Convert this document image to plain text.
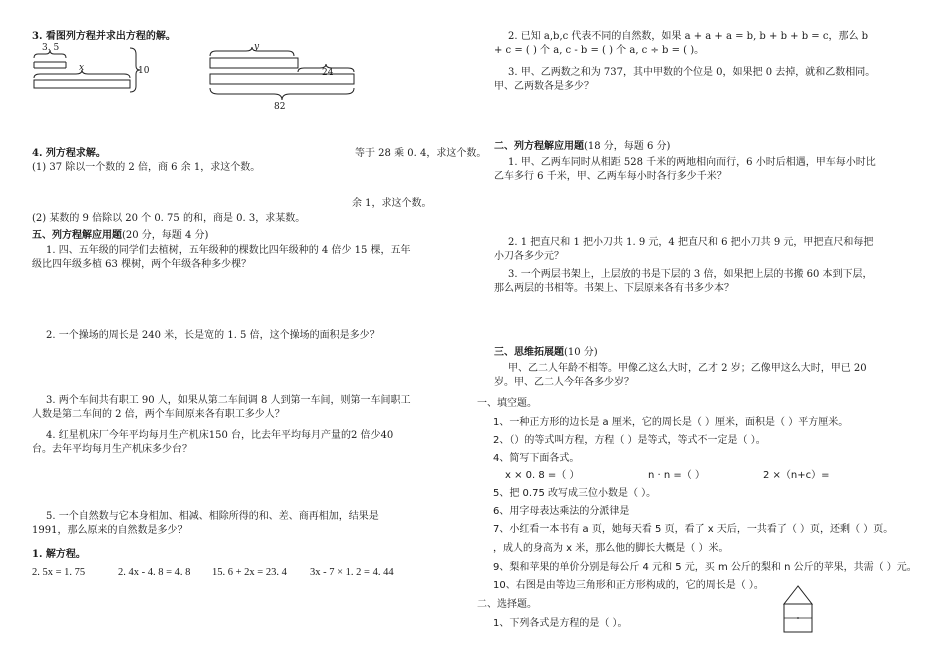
3. 看图列方程并求出方程的解。
3. 5
x	10
y
24
82
4. 列方程求解。	等于 28 乘 0. 4，求这个数。
(1) 37 除以一个数的 2 倍，商 6 余 1，求这个数。
余 1，求这个数。
(2) 某数的 9 倍除以 20 个 0. 75 的和，商是 0. 3，求某数。
五、列方程解应用题(20 分，每题 4 分)
1. 四、五年级的同学们去植树，五年级种的棵数比四年级种的 4 倍少 15 棵，五年级比四年级多植 63 棵树，两个年级各种多少棵？
2. 一个操场的周长是 240 米，长是宽的 1. 5 倍，这个操场的面积是多少？
3. 两个车间共有职工 90 人，如果从第二车间调 8 人到第一车间，则第一车间职工人数是第二车间的 2 倍，两个车间原来各有职工多少人？
4. 红星机床厂今年平均每月生产机床150 台，比去年平均每月产量的2 倍少40 台。去年平均每月生产机床多少台？
5. 一个自然数与它本身相加、相减、相除所得的和、差、商再相加，结果是 1991，那么原来的自然数是多少？
1. 解方程。
2. 5x = 1. 75	2. 4x - 4. 8 = 4. 8 15. 6 + 2x = 23. 4 3x - 7 × 1. 2 = 4. 44
2. 已知 a,b,c 代表不同的自然数，如果 a + a + a = b, b + b + b = c，那么 b + c = ( ) 个 a, c - b = ( ) 个 a, c ÷ b = ( )。
3. 甲、乙两数之和为 737，其中甲数的个位是 0，如果把 0 去掉，就和乙数相同。甲、乙两数各是多少？
二、列方程解应用题(18 分，每题 6 分)
1. 甲、乙两车同时从相距 528 千米的两地相向而行，6 小时后相遇，甲车每小时比乙车多行 6 千米，甲、乙两车每小时各行多少千米？
2. 1 把直尺和 1 把小刀共 1. 9 元，4 把直尺和 6 把小刀共 9 元，甲把直尺和每把小刀各多少元？
3. 一个两层书架上，上层放的书是下层的 3 倍，如果把上层的书搬 60 本到下层，那么两层的书相等。书架上、下层原来各有书多少本？
三、思维拓展题(10 分)
甲、乙二人年龄不相等。甲像乙这么大时，乙才 2 岁；乙像甲这么大时，甲已 20 岁。甲、乙二人今年各多少岁？
一、填空题。
1、一种正方形的边长是 a 厘米，它的周长是（ ）厘米，面积是（ ）平方厘米。
2、（）的等式叫方程，方程（ ）是等式，等式不一定是（ ）。
4、简写下面各式。
x × 0. 8 =（ ）	n · n =（ ）	2 ×（n+c）=
5、把 0.75 改写成三位小数是（ ）。
6、用字母表达乘法的分派律是
7、小红看一本书有 a 页，她每天看 5 页，看了 x 天后，一共看了（ ）页，还剩（ ）页。
，成人的身高为 x 米，那么他的脚长大概是（ ）米。
9、梨和苹果的单价分别是每公斤 4 元和 5 元，买 m 公斤的梨和 n 公斤的苹果，共需（ ）元。
10、右图是由等边三角形和正方形构成的，它的周长是（ ）。
二、选择题。
1、下列各式是方程的是（ ）。
